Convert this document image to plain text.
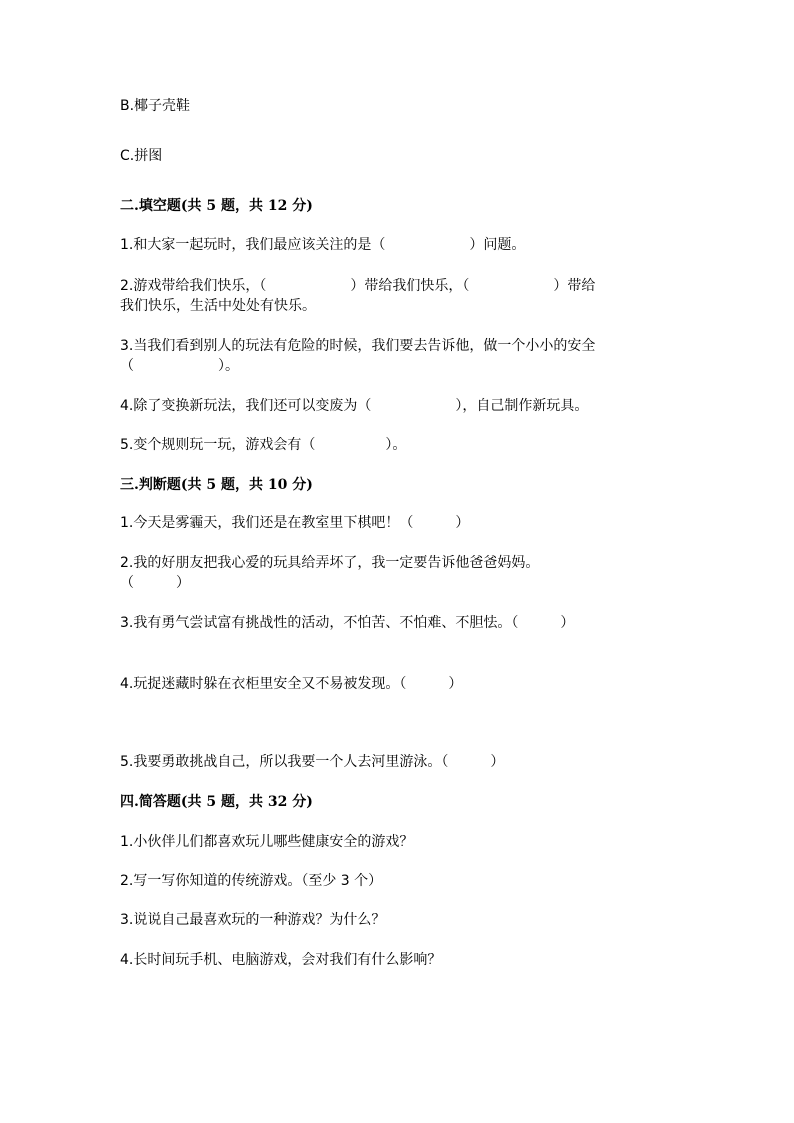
B.椰子壳鞋
C.拼图
二.填空题(共 5 题，共 12 分)
1.和大家一起玩时，我们最应该关注的是（　　　　　　）问题。
2.游戏带给我们快乐，（　　　　　　）带给我们快乐，（　　　　　　）带给
我们快乐，生活中处处有快乐。
3.当我们看到别人的玩法有危险的时候，我们要去告诉他，做一个小小的安全
（　　　　　　）。
4.除了变换新玩法，我们还可以变废为（　　　　　　），自己制作新玩具。
5.变个规则玩一玩，游戏会有（　　　　　）。
三.判断题(共 5 题，共 10 分)
1.今天是雾霾天，我们还是在教室里下棋吧！（　　　）
2.我的好朋友把我心爱的玩具给弄坏了，我一定要告诉他爸爸妈妈。
（　　　）
3.我有勇气尝试富有挑战性的活动，不怕苦、不怕难、不胆怯。（　　　）
4.玩捉迷藏时躲在衣柜里安全又不易被发现。（　　　）
5.我要勇敢挑战自己，所以我要一个人去河里游泳。（　　　）
四.简答题(共 5 题，共 32 分)
1.小伙伴儿们都喜欢玩儿哪些健康安全的游戏？
2.写一写你知道的传统游戏。（至少 3 个）
3.说说自己最喜欢玩的一种游戏？为什么？
4.长时间玩手机、电脑游戏，会对我们有什么影响？
